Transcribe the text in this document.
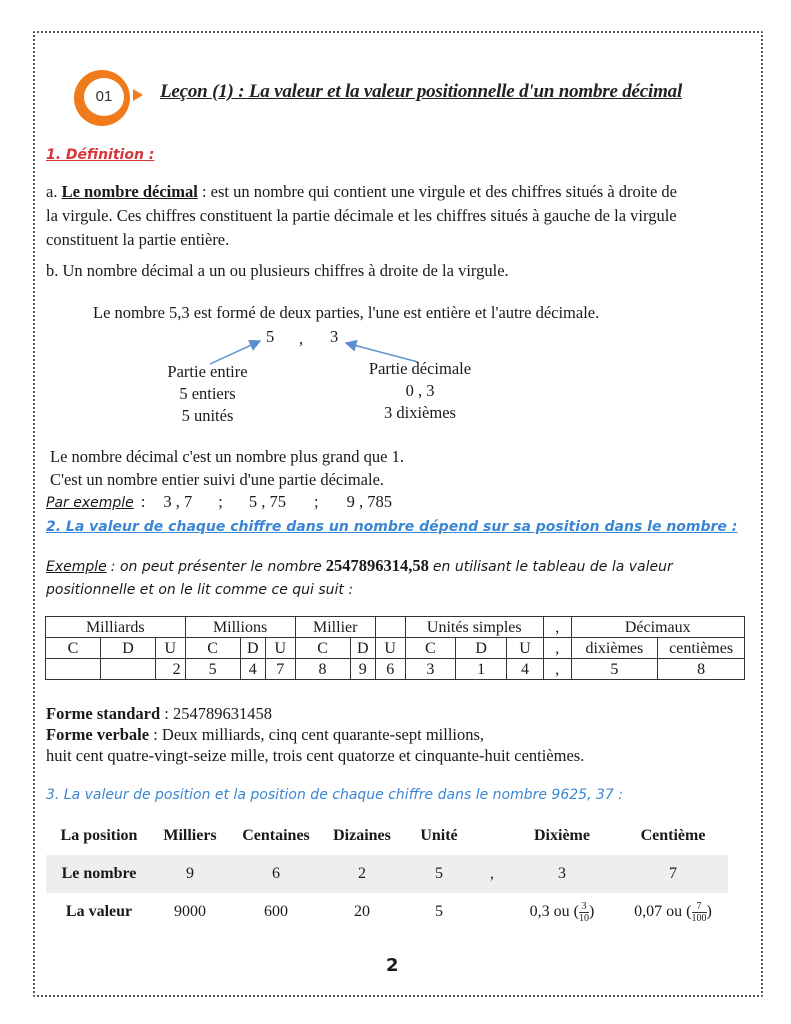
01	Leçon (1) : La valeur et la valeur positionnelle d'un nombre décimal
1. Définition :
a. Le nombre décimal : est un nombre qui contient une virgule et des chiffres situés à droite de
la virgule. Ces chiffres constituent la partie décimale et les chiffres situés à gauche de la virgule
constituent la partie entière.
b. Un nombre décimal a un ou plusieurs chiffres à droite de la virgule.
Le nombre 5,3 est formé de deux parties, l'une est entière et l'autre décimale.
5 , 3
Partie entire
5 entiers
5 unités
Partie décimale
0 , 3
3 dixièmes
Le nombre décimal c'est un nombre plus grand que 1.
C'est un nombre entier suivi d'une partie décimale.
Par exemple : 3 , 7 ; 5 , 75 ; 9 , 785
2. La valeur de chaque chiffre dans un nombre dépend sur sa position dans le nombre :
Exemple : on peut présenter le nombre 2547896314,58 en utilisant le tableau de la valeur
positionnelle et on le lit comme ce qui suit :
Milliards			Millions			Millier			Unités simples			,	Décimaux	
C	D	U	C	D	U	C	D	U	C	D	U	,	dixièmes	centièmes
		2	5	4	7	8	9	6	3	1	4	,	5	8
Forme standard : 254789631458
Forme verbale : Deux milliards, cinq cent quarante-sept millions,
huit cent quatre-vingt-seize mille, trois cent quatorze et cinquante-huit centièmes.
3. La valeur de position et la position de chaque chiffre dans le nombre 9625, 37 :
La position	Milliers	Centaines	Dizaines	Unité		Dixième	Centième
Le nombre	9	6	2	5	,	3	7
La valeur	9000	600	20	5		0,3 ou ( $\frac{3}{10}$ )	0,07 ou ( $\frac{7}{100}$ )
2
